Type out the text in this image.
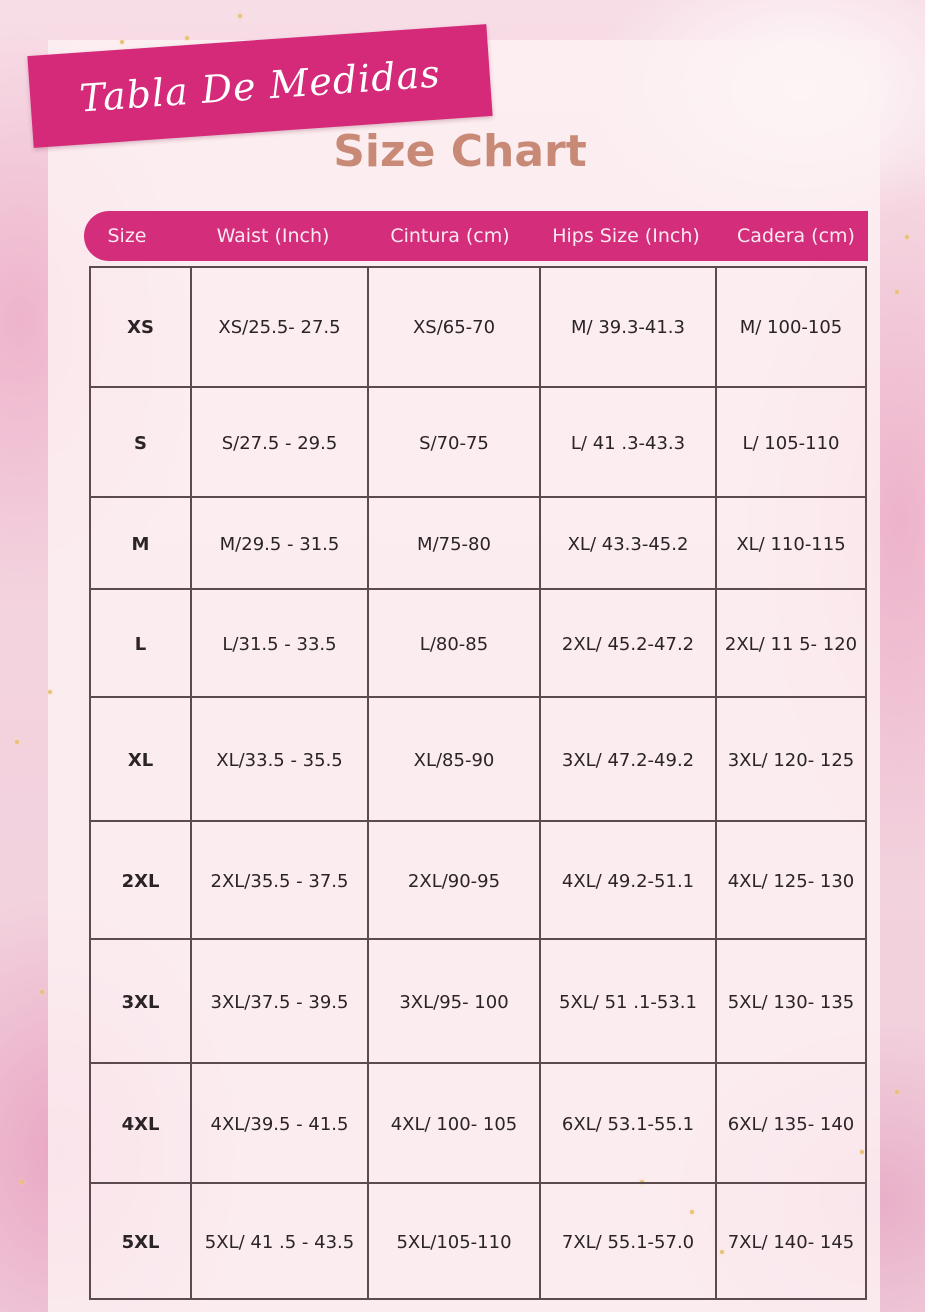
Tabla De Medidas
Size Chart
Size	Waist (Inch)	Cintura (cm)	Hips Size (Inch)	Cadera (cm)
XS	XS/25.5- 27.5	XS/65-70	M/ 39.3-41.3	M/ 100-105
S	S/27.5 - 29.5	S/70-75	L/ 41 .3-43.3	L/ 105-110
M	M/29.5 - 31.5	M/75-80	XL/ 43.3-45.2	XL/ 110-115
L	L/31.5 - 33.5	L/80-85	2XL/ 45.2-47.2	2XL/ 11 5- 120
XL	XL/33.5 - 35.5	XL/85-90	3XL/ 47.2-49.2	3XL/ 120- 125
2XL	2XL/35.5 - 37.5	2XL/90-95	4XL/ 49.2-51.1	4XL/ 125- 130
3XL	3XL/37.5 - 39.5	3XL/95- 100	5XL/ 51 .1-53.1	5XL/ 130- 135
4XL	4XL/39.5 - 41.5	4XL/ 100- 105	6XL/ 53.1-55.1	6XL/ 135- 140
5XL	5XL/ 41 .5 - 43.5	5XL/105-110	7XL/ 55.1-57.0	7XL/ 140- 145
